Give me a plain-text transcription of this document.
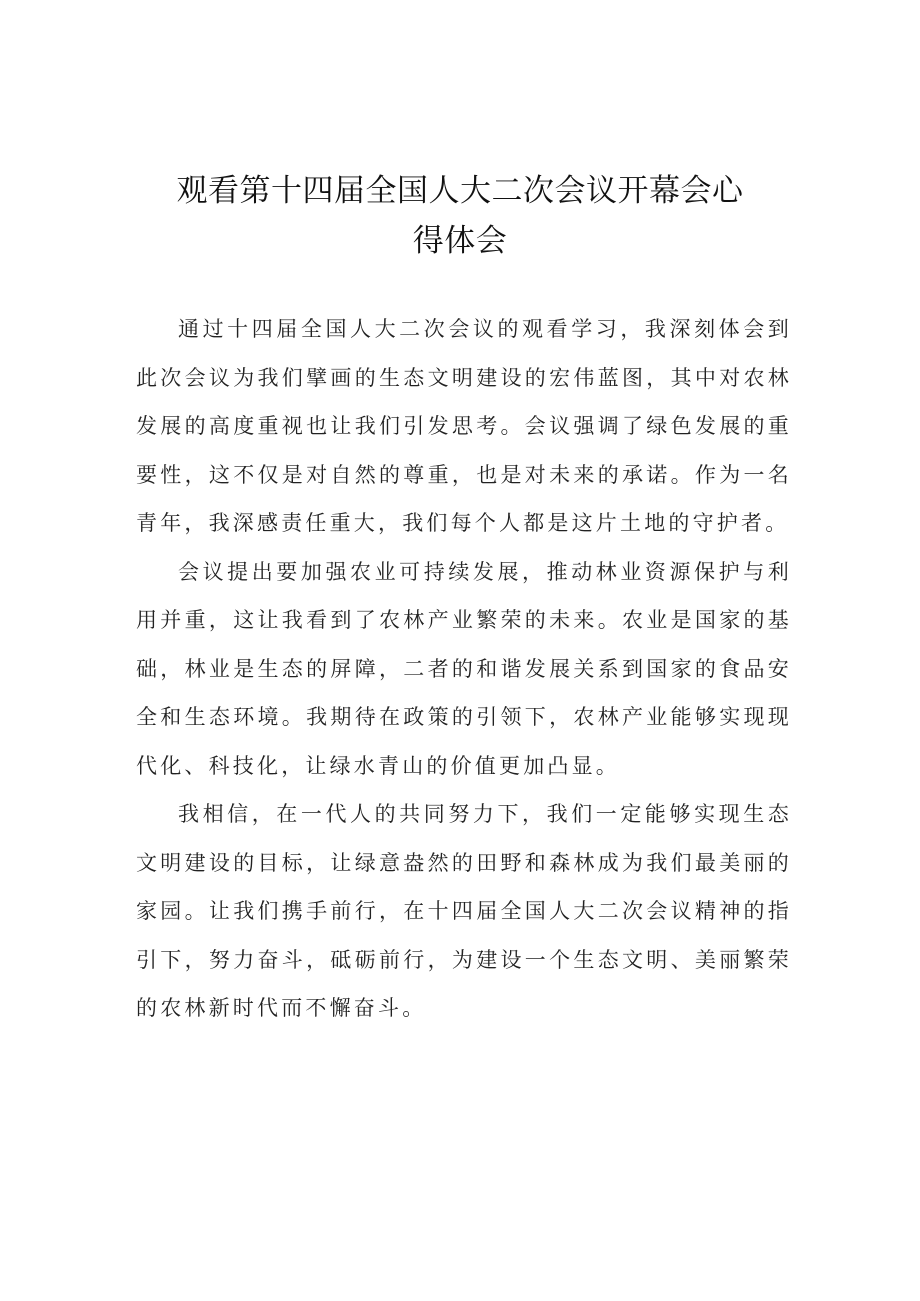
观看第十四届全国人大二次会议开幕会心
得体会

通过十四届全国人大二次会议的观看学习，我深刻体会到此次会议为我们擘画的生态文明建设的宏伟蓝图，其中对农林发展的高度重视也让我们引发思考。会议强调了绿色发展的重要性，这不仅是对自然的尊重，也是对未来的承诺。作为一名青年，我深感责任重大，我们每个人都是这片土地的守护者。

会议提出要加强农业可持续发展，推动林业资源保护与利用并重，这让我看到了农林产业繁荣的未来。农业是国家的基础，林业是生态的屏障，二者的和谐发展关系到国家的食品安全和生态环境。我期待在政策的引领下，农林产业能够实现现代化、科技化，让绿水青山的价值更加凸显。

我相信，在一代人的共同努力下，我们一定能够实现生态文明建设的目标，让绿意盎然的田野和森林成为我们最美丽的家园。让我们携手前行，在十四届全国人大二次会议精神的指引下，努力奋斗，砥砺前行，为建设一个生态文明、美丽繁荣的农林新时代而不懈奋斗。
